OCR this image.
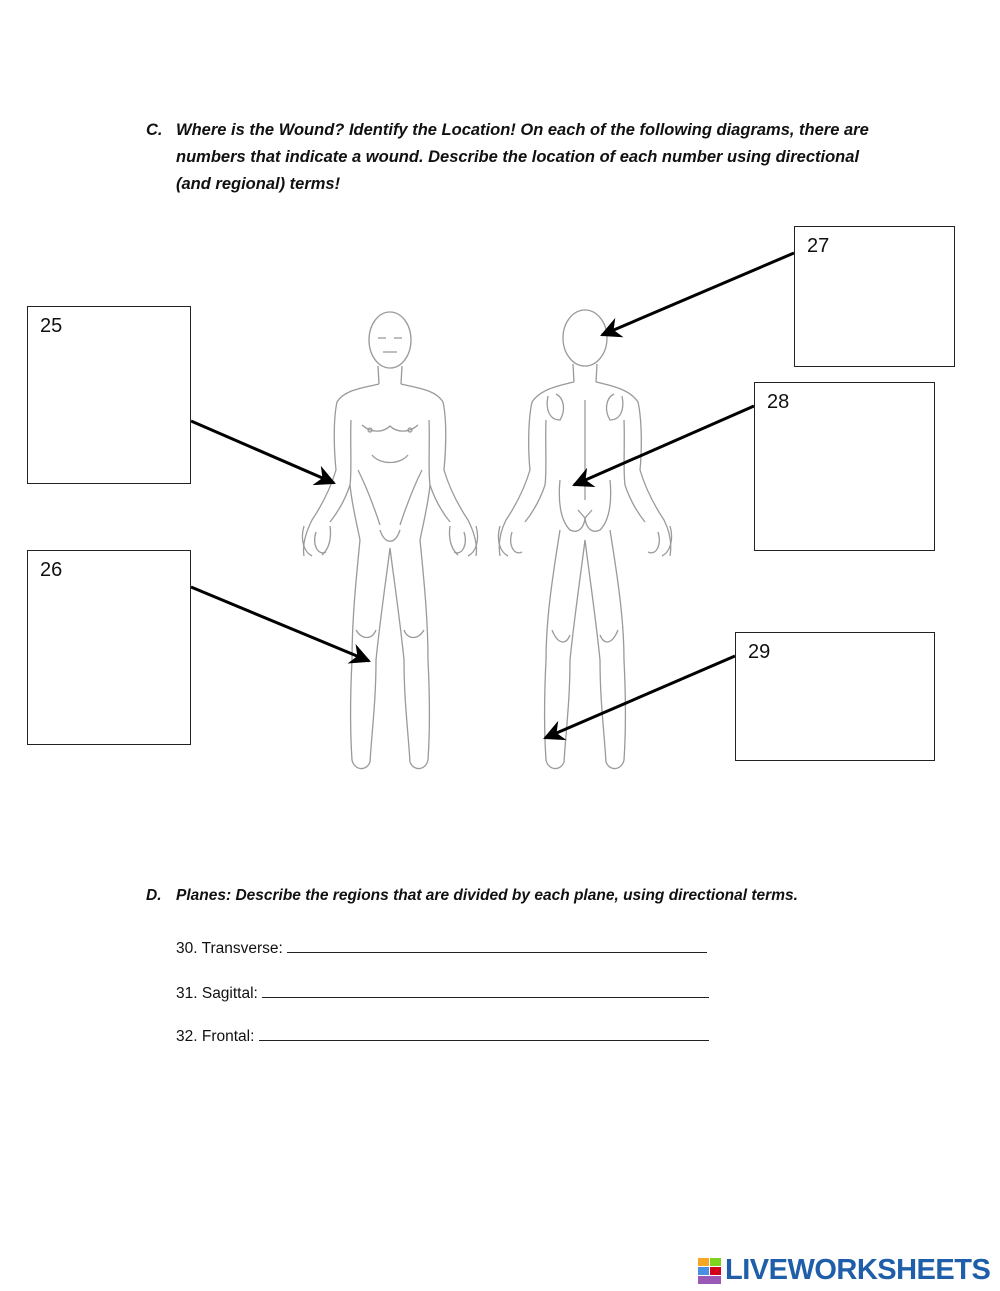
C. Where is the Wound? Identify the Location! On each of the following diagrams, there are numbers that indicate a wound. Describe the location of each number using directional (and regional) terms!
25
26
27
28
29
D. Planes: Describe the regions that are divided by each plane, using directional terms.
30. Transverse:
31. Sagittal:
32. Frontal:
LIVEWORKSHEETS
